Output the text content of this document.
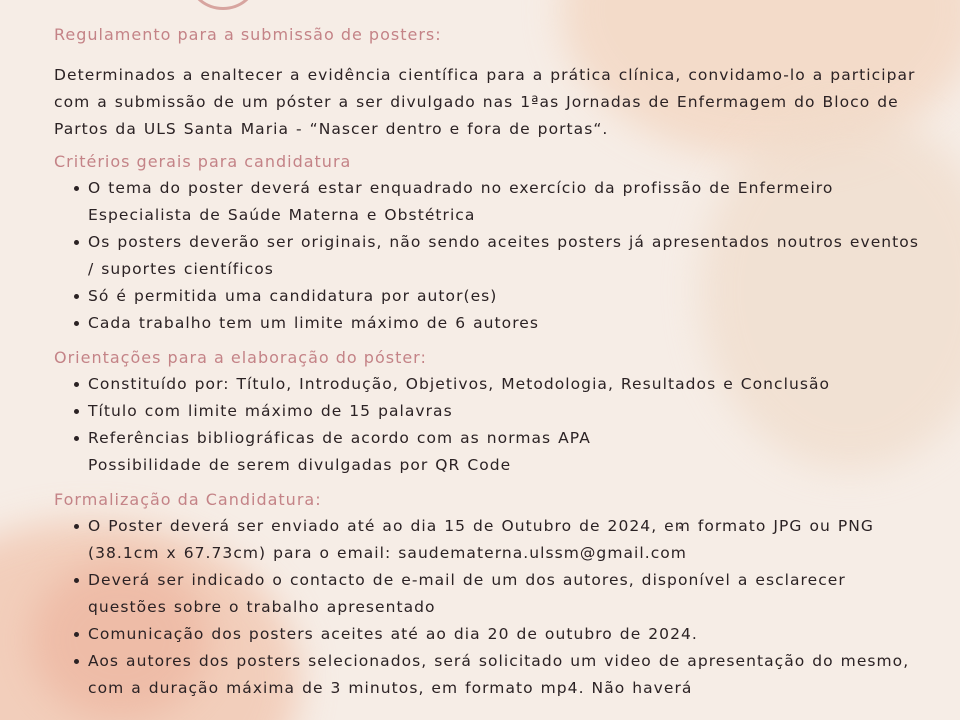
Regulamento para a submissão de posters:

Determinados a enaltecer a evidência científica para a prática clínica, convidamo-lo a participar com a submissão de um póster a ser divulgado nas 1ªas Jornadas de Enfermagem do Bloco de Partos da ULS Santa Maria - “Nascer dentro e fora de portas“.

Critérios gerais para candidatura
O tema do poster deverá estar enquadrado no exercício da profissão de Enfermeiro Especialista de Saúde Materna e Obstétrica
Os posters deverão ser originais, não sendo aceites posters já apresentados noutros eventos / suportes científicos
Só é permitida uma candidatura por autor(es)
Cada trabalho tem um limite máximo de 6 autores
Orientações para a elaboração do póster:
Constituído por: Título, Introdução, Objetivos, Metodologia, Resultados e Conclusão
Título com limite máximo de 15 palavras
Referências bibliográficas de acordo com as normas APA
Possibilidade de serem divulgadas por QR Code
Formalização da Candidatura:
O Poster deverá ser enviado até ao dia 15 de Outubro de 2024, em formato JPG ou PNG (38.1cm x 67.73cm) para o email: saudematerna.ulssm@gmail.com
Deverá ser indicado o contacto de e-mail de um dos autores, disponível a esclarecer questões sobre o trabalho apresentado
Comunicação dos posters aceites até ao dia 20 de outubro de 2024.
Aos autores dos posters selecionados, será solicitado um video de apresentação do mesmo, com a duração máxima de 3 minutos, em formato mp4. Não haverá
